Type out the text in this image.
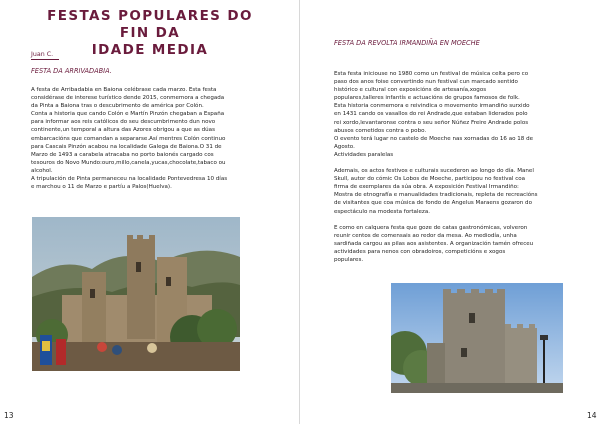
FESTAS POPULARES DO FIN DA
IDADE MEDIA
Juan C.
FESTA DA ARRIVADABIA.

A festa de Arribadabia en Baiona celébrase cada marzo. Esta festa

considérase de interese turístico dende 2015, conmemora a chegada

da Pinta a Baiona tras o descubrimento de américa por Colón.

Conta a historia que cando Colón e Martín Pinzón chegaban a España

para informar aos reis católicos do seu descumbrimento dun novo

continente,un temporal a altura das Azores obrigou a que as dúas

embarcacións que comandan a separarse.Así mentres Colón continuo

para Cascais Pinzón acabou na localidade Galega de Baiona.O 31 de

Marzo de 1493 a carabela atracaba no porto baionés cargado cos

tesouros do Novo Mundo:ouro,millo,canela,yucas,chocolate,tabaco ou

alcohol.

A tripulación de Pinta permaneceu na localidade Pontevedresa 10 días

e marchou o 11 de Marzo e partíu a Palos(Huelva).

13
FESTA DA REVOLTA IRMANDIÑA EN MOECHE

Esta festa iniciouse no 1980 como un festival de música celta pero co

paso dos anos foise convertindo nun festival cun marcado sentido

histórico e cultural con exposicións de artesanía,xogos

populares,talleres infantís e actuacións de grupos famosos de folk.

Esta historia conmemora e reivindica o movemento irmandiño surxido

en 1431 cando os vasallos do rei Andrade,que estaban liderados polo

rei xordo,levantaronse contra o seu señor Núñez Freire Andrade polos

abusos cometidos contra o pobo.

O evento terá lugar no castelo de Moeche nas xornadas do 16 ao 18 de

Agosto.

Actividades paralelas

Ademais, os actos festivos e culturais sucederon ao longo do día. Manel

Skull, autor do cómic Os Lobos de Moeche, participou no festival coa

firma de exemplares da súa obra. A exposición Festival Irmandiño:

Mostra de etnografía e manualidades tradicionais, repleta de recreacións

de visitantes que coa música de fondo de Angelus Maraens gozaron do

espectáculo na modesta fortaleza.

E como en calquera festa que goze de catas gastronómicas, volveron

reunir centos de comensais ao redor da mesa. Ao mediodía, unha

sardiñada cargou as pilas aos asistentes. A organización tamén ofreceu

actividades para nenos con obradoiros, competicións e xogos

populares.

14
